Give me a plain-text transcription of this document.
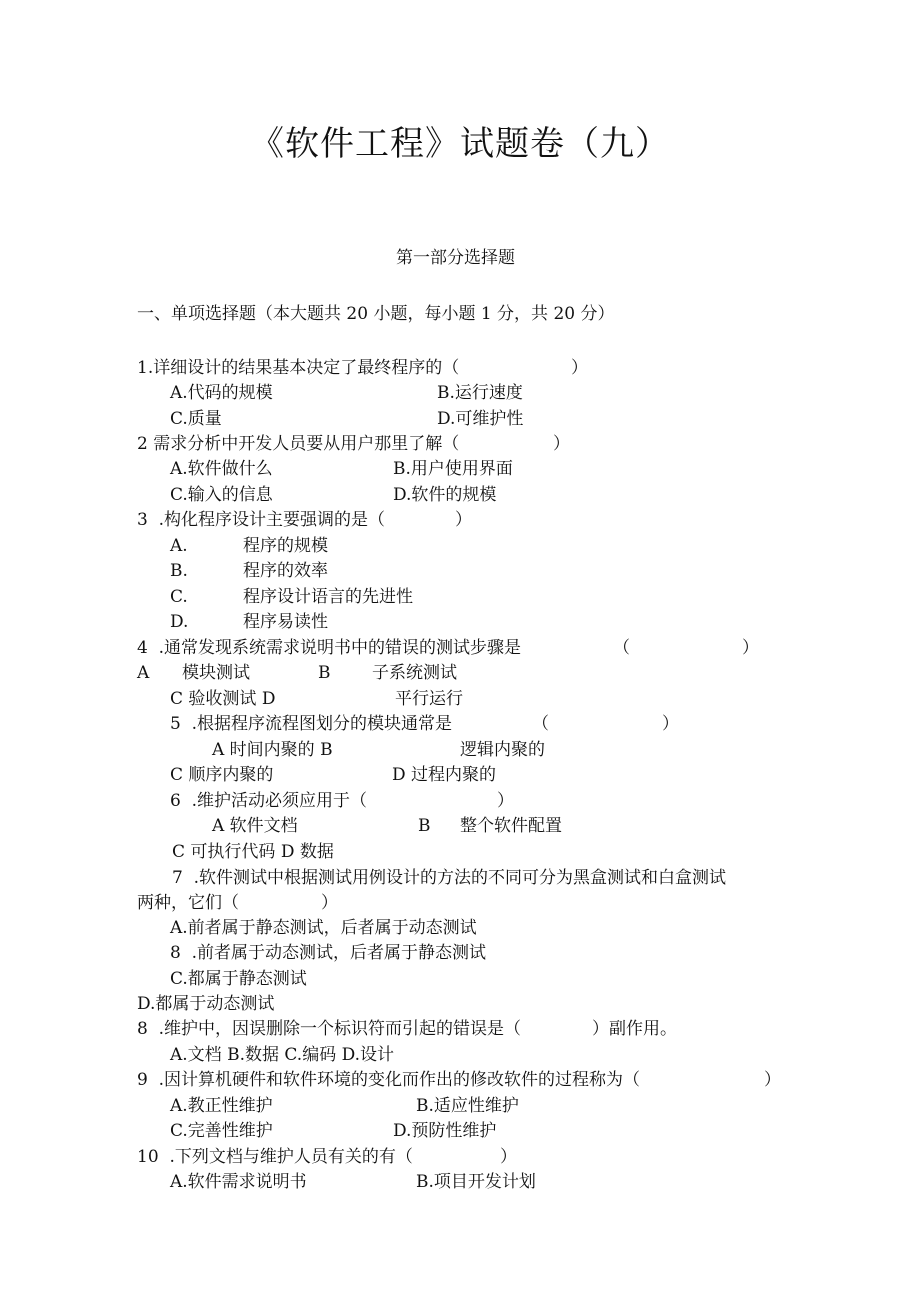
《软件工程》试题卷（九）
第一部分选择题
一、单项选择题（本大题共 20 小题，每小题 1 分，共 20 分）
1.详细设计的结果基本决定了最终程序的（	）
A.代码的规模	B.运行速度
C.质量	D.可维护性
2 需求分析中开发人员要从用户那里了解（	）
A.软件做什么	B.用户使用界面
C.输入的信息	D.软件的规模
3  .构化程序设计主要强调的是（	）
A.	程序的规模
B.	程序的效率
C.	程序设计语言的先进性
D.	程序易读性
4  .通常发现系统需求说明书中的错误的测试步骤是	（	）
A 模块测试	B 子系统测试
C 验收测试 D	平行运行
5  .根据程序流程图划分的模块通常是	（	）
A 时间内聚的 B	逻辑内聚的
C 顺序内聚的	D 过程内聚的
6  .维护活动必须应用于（	）
A 软件文档	B 整个软件配置
C 可执行代码 D 数据
7  .软件测试中根据测试用例设计的方法的不同可分为黑盒测试和白盒测试
两种，它们（	）
A.前者属于静态测试，后者属于动态测试
8  .前者属于动态测试，后者属于静态测试
C.都属于静态测试
D.都属于动态测试
8  .维护中，因误删除一个标识符而引起的错误是（	）副作用。
A.文档 B.数据 C.编码 D.设计
9  .因计算机硬件和软件环境的变化而作出的修改软件的过程称为（	）
A.教正性维护	B.适应性维护
C.完善性维护	D.预防性维护
10  .下列文档与维护人员有关的有（	）
A.软件需求说明书	B.项目开发计划
